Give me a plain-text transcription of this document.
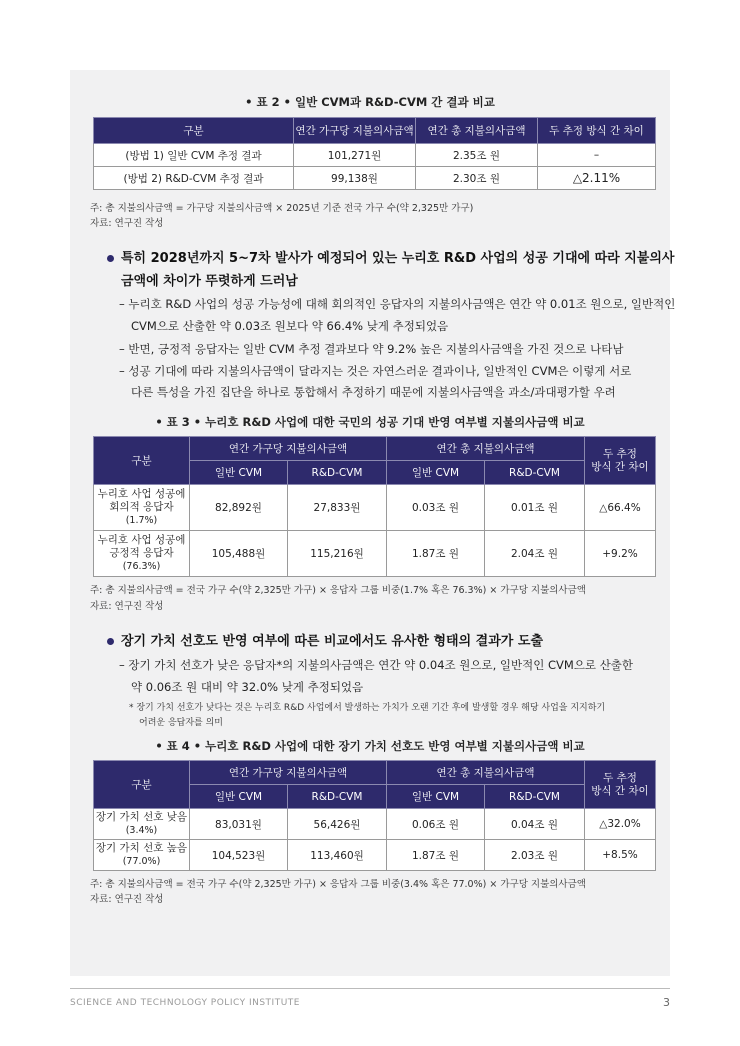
• 표 2 • 일반 CVM과 R&D-CVM 간 결과 비교
구분	연간 가구당 지불의사금액	연간 총 지불의사금액	두 추정 방식 간 차이
(방법 1) 일반 CVM 추정 결과	101,271원	2.35조 원	–
(방법 2) R&D-CVM 추정 결과	99,138원	2.30조 원	△2.11%
주: 총 지불의사금액 = 가구당 지불의사금액 × 2025년 기준 전국 가구 수(약 2,325만 가구)
자료: 연구진 작성
특히 2028년까지 5~7차 발사가 예정되어 있는 누리호 R&D 사업의 성공 기대에 따라 지불의사
금액에 차이가 뚜렷하게 드러남
– 누리호 R&D 사업의 성공 가능성에 대해 회의적인 응답자의 지불의사금액은 연간 약 0.01조 원으로, 일반적인
CVM으로 산출한 약 0.03조 원보다 약 66.4% 낮게 추정되었음
– 반면, 긍정적 응답자는 일반 CVM 추정 결과보다 약 9.2% 높은 지불의사금액을 가진 것으로 나타남
– 성공 기대에 따라 지불의사금액이 달라지는 것은 자연스러운 결과이나, 일반적인 CVM은 이렇게 서로
다른 특성을 가진 집단을 하나로 통합해서 추정하기 때문에 지불의사금액을 과소/과대평가할 우려
• 표 3 • 누리호 R&D 사업에 대한 국민의 성공 기대 반영 여부별 지불의사금액 비교
구분	연간 가구당 지불의사금액		연간 총 지불의사금액		두 추정
방식 간 차이

	일반 CVM	R&D-CVM	일반 CVM	R&D-CVM	

누리호 사업 성공에
회의적 응답자
(1.7%)	82,892원	27,833원	0.03조 원	0.01조 원	△66.4%

누리호 사업 성공에
긍정적 응답자
(76.3%)	105,488원	115,216원	1.87조 원	2.04조 원	+9.2%
주: 총 지불의사금액 = 전국 가구 수(약 2,325만 가구) × 응답자 그룹 비중(1.7% 혹은 76.3%) × 가구당 지불의사금액
자료: 연구진 작성
장기 가치 선호도 반영 여부에 따른 비교에서도 유사한 형태의 결과가 도출
– 장기 가치 선호가 낮은 응답자*의 지불의사금액은 연간 약 0.04조 원으로, 일반적인 CVM으로 산출한
약 0.06조 원 대비 약 32.0% 낮게 추정되었음
* 장기 가치 선호가 낮다는 것은 누리호 R&D 사업에서 발생하는 가치가 오랜 기간 후에 발생할 경우 해당 사업을 지지하기
어려운 응답자를 의미
• 표 4 • 누리호 R&D 사업에 대한 장기 가치 선호도 반영 여부별 지불의사금액 비교
구분	연간 가구당 지불의사금액		연간 총 지불의사금액		두 추정
방식 간 차이

	일반 CVM	R&D-CVM	일반 CVM	R&D-CVM	

장기 가치 선호 낮음
(3.4%)	83,031원	56,426원	0.06조 원	0.04조 원	△32.0%

장기 가치 선호 높음
(77.0%)	104,523원	113,460원	1.87조 원	2.03조 원	+8.5%
주: 총 지불의사금액 = 전국 가구 수(약 2,325만 가구) × 응답자 그룹 비중(3.4% 혹은 77.0%) × 가구당 지불의사금액
자료: 연구진 작성
SCIENCE AND TECHNOLOGY POLICY INSTITUTE	3
